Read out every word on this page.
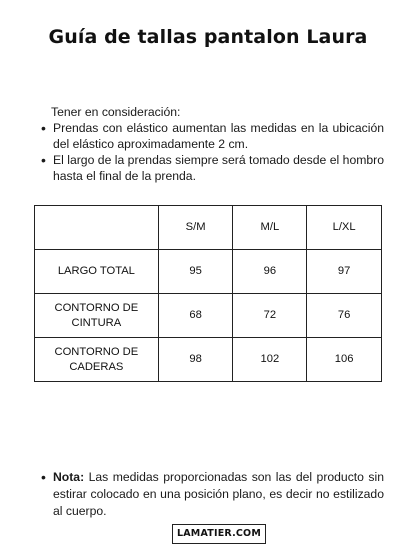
Guía de tallas pantalon Laura
Tener en consideración:
• Prendas con elástico aumentan las medidas en la ubicación del elástico aproximadamente 2 cm.
• El largo de la prendas siempre será tomado desde el hombro hasta el final de la prenda.
	S/M	M/L	L/XL
LARGO TOTAL	95	96	97
CONTORNO DE CINTURA	68	72	76
CONTORNO DE CADERAS	98	102	106
• Nota: Las medidas proporcionadas son las del producto sin estirar colocado en una posición plano, es decir no estilizado al cuerpo.
LAMATIER.COM
